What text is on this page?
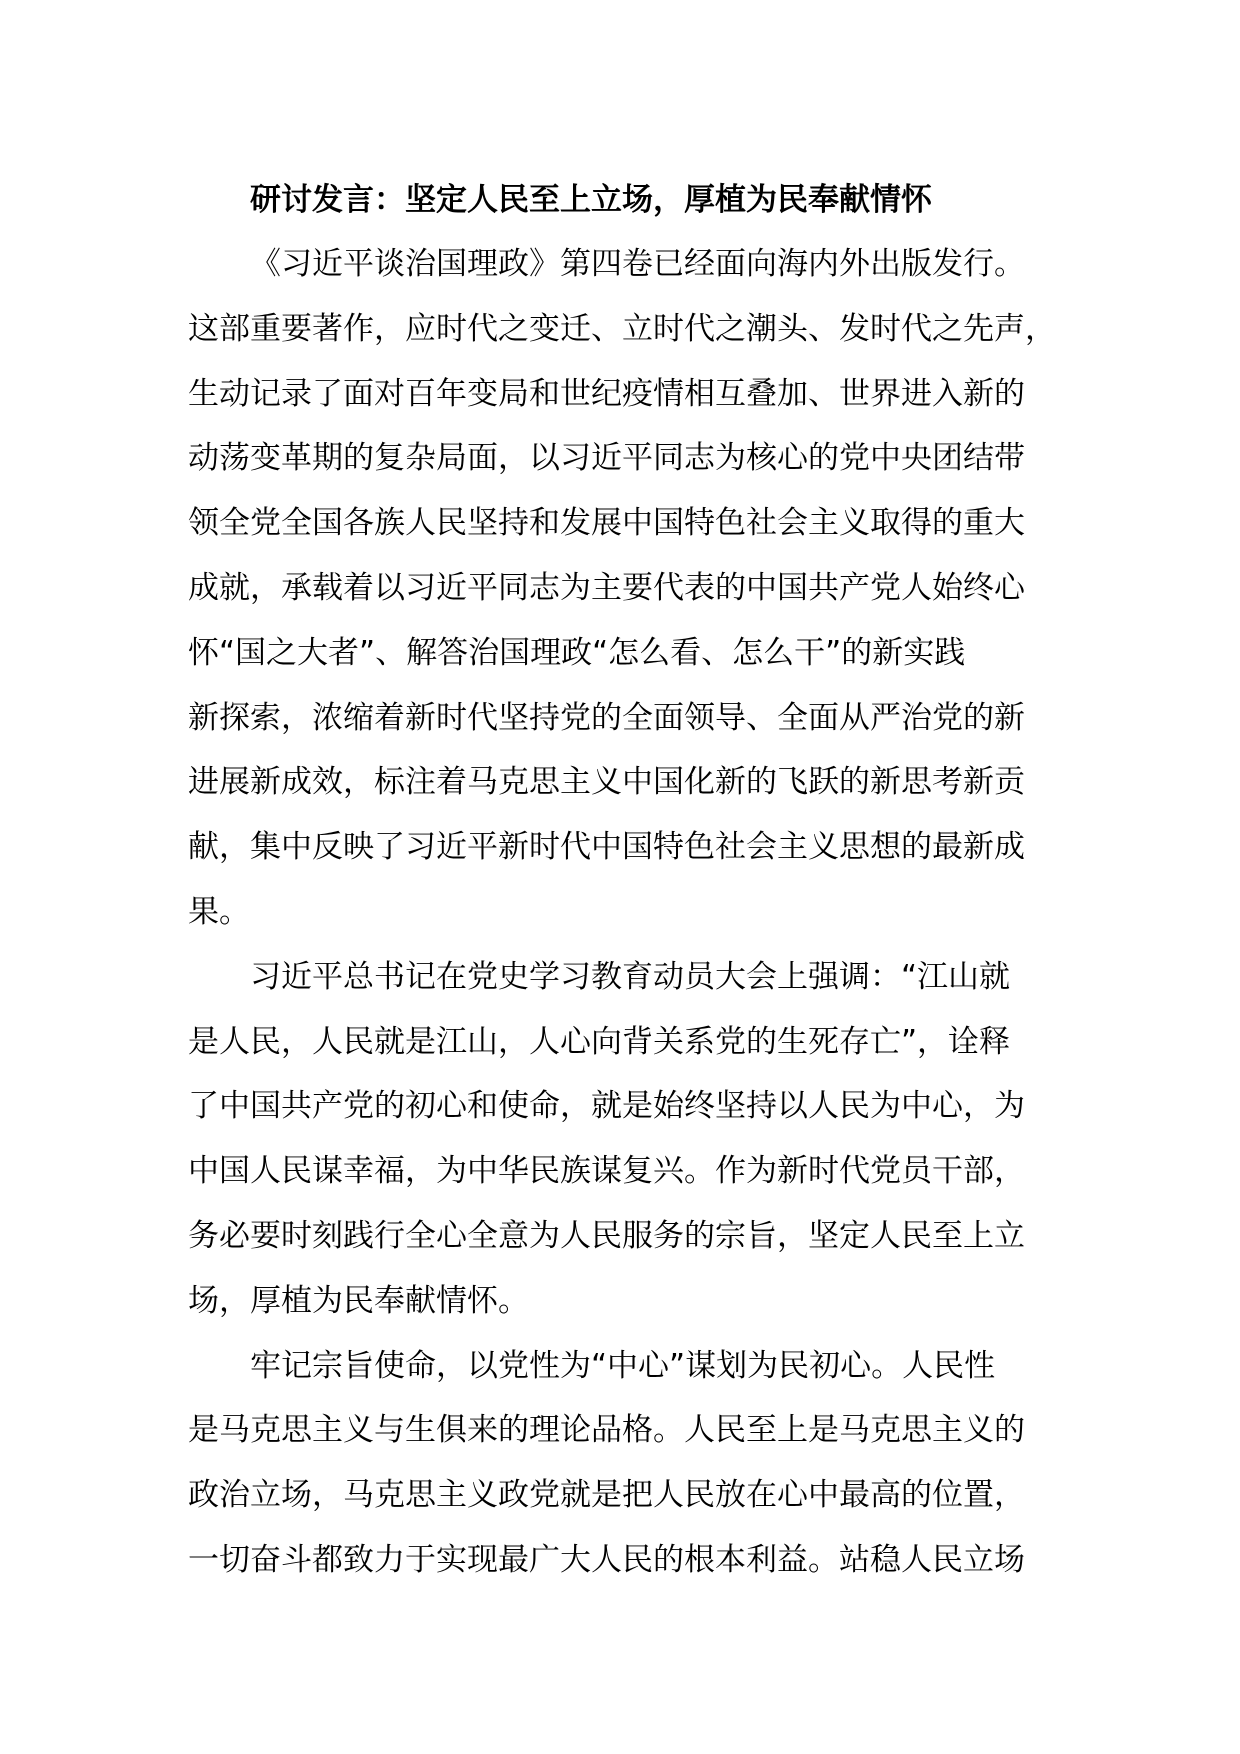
研讨发言：坚定人民至上立场，厚植为民奉献情怀

《习近平谈治国理政》第四卷已经面向海内外出版发行。
这部重要著作，应时代之变迁、立时代之潮头、发时代之先声，
生动记录了面对百年变局和世纪疫情相互叠加、世界进入新的
动荡变革期的复杂局面，以习近平同志为核心的党中央团结带
领全党全国各族人民坚持和发展中国特色社会主义取得的重大
成就，承载着以习近平同志为主要代表的中国共产党人始终心
怀“国之大者”、解答治国理政“怎么看、怎么干”的新实践
新探索，浓缩着新时代坚持党的全面领导、全面从严治党的新
进展新成效，标注着马克思主义中国化新的飞跃的新思考新贡
献，集中反映了习近平新时代中国特色社会主义思想的最新成
果。

习近平总书记在党史学习教育动员大会上强调：“江山就
是人民，人民就是江山，人心向背关系党的生死存亡”，诠释
了中国共产党的初心和使命，就是始终坚持以人民为中心，为
中国人民谋幸福，为中华民族谋复兴。作为新时代党员干部，
务必要时刻践行全心全意为人民服务的宗旨，坚定人民至上立
场，厚植为民奉献情怀。

牢记宗旨使命，以党性为“中心”谋划为民初心。人民性
是马克思主义与生俱来的理论品格。人民至上是马克思主义的
政治立场，马克思主义政党就是把人民放在心中最高的位置，
一切奋斗都致力于实现最广大人民的根本利益。站稳人民立场
